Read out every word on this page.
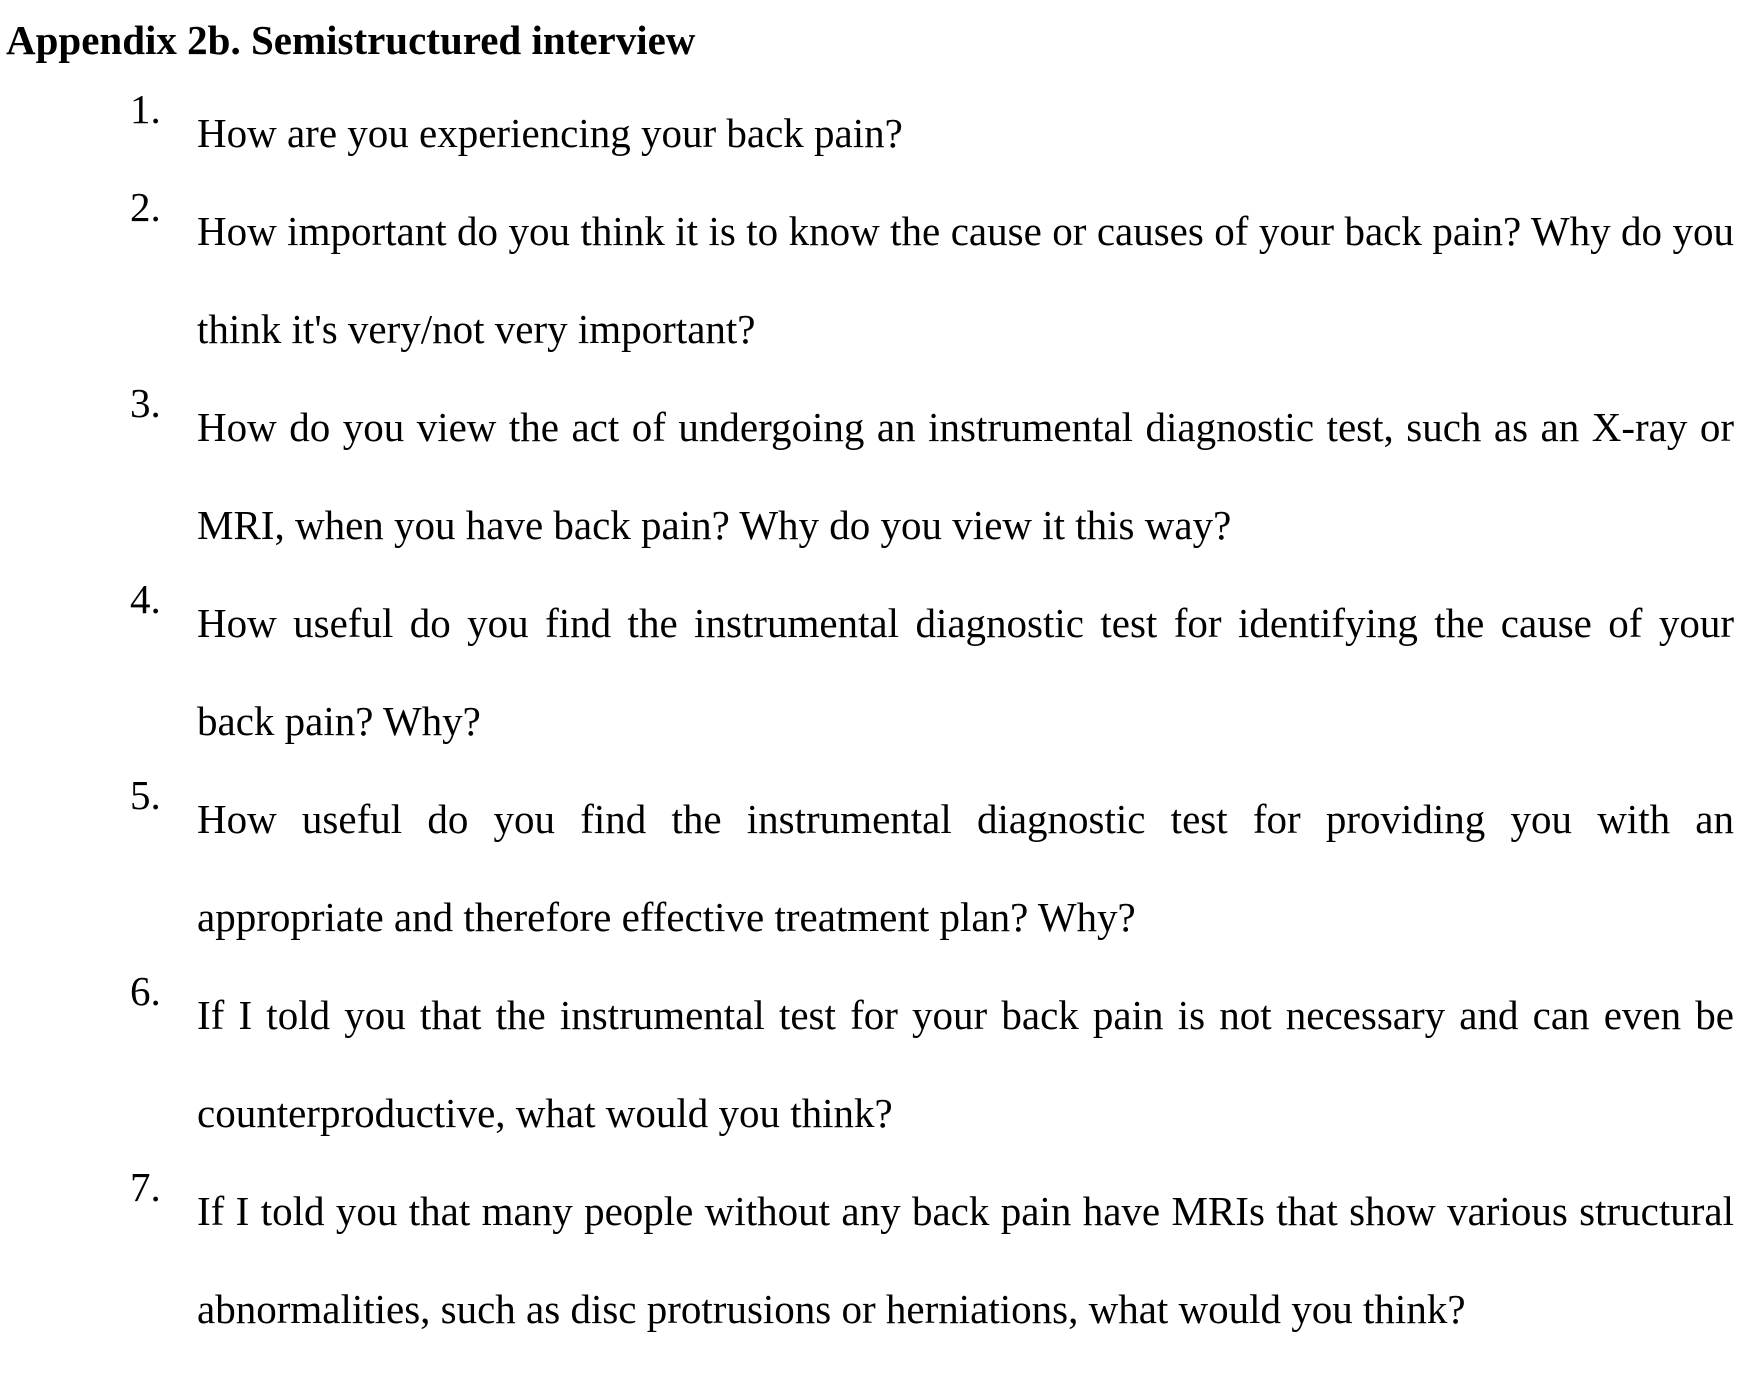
Appendix 2b. Semistructured interview
1.
How are you experiencing your back pain?
2.
How important do you think it is to know the cause or causes of your back pain? Why do you think it's very/not very important?
3.
How do you view the act of undergoing an instrumental diagnostic test, such as an X-ray or MRI, when you have back pain? Why do you view it this way?
4.
How useful do you find the instrumental diagnostic test for identifying the cause of your back pain? Why?
5.
How useful do you find the instrumental diagnostic test for providing you with an appropriate and therefore effective treatment plan? Why?
6.
If I told you that the instrumental test for your back pain is not necessary and can even be counterproductive, what would you think?
7.
If I told you that many people without any back pain have MRIs that show various structural abnormalities, such as disc protrusions or herniations, what would you think?
